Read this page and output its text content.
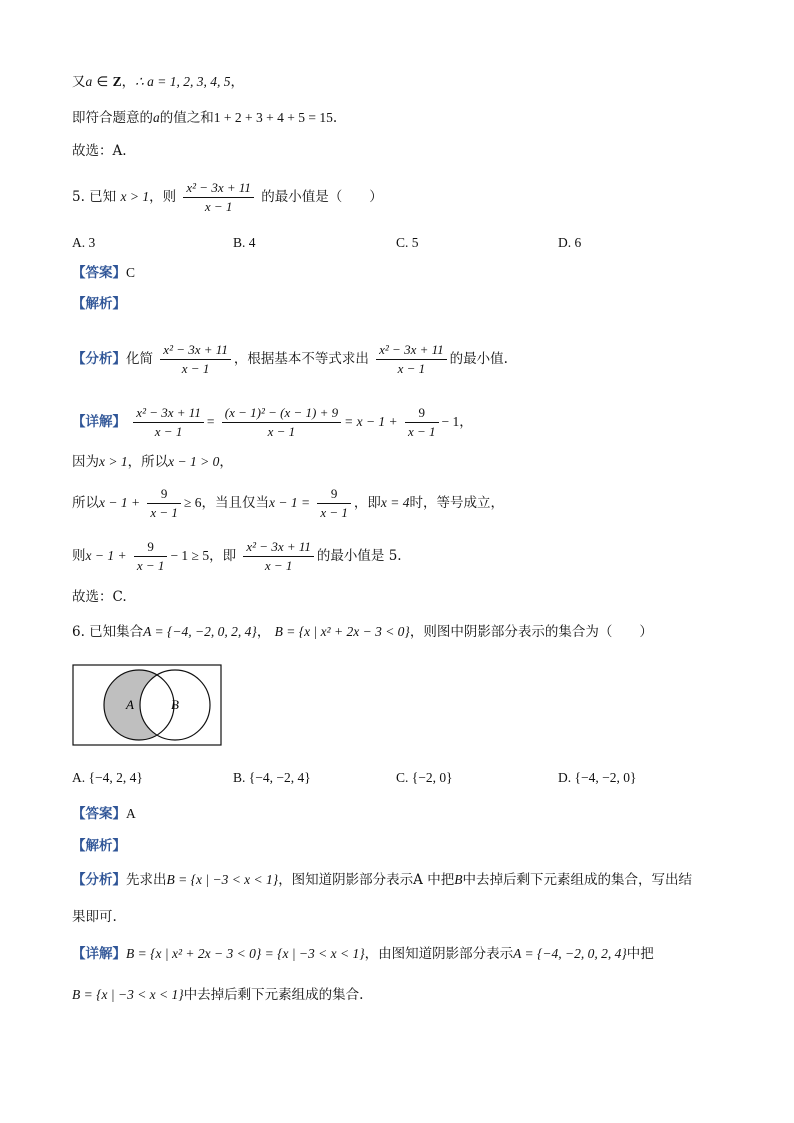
又a ∈ Z，∴ a = 1, 2, 3, 4, 5，
即符合题意的a的值之和1 + 2 + 3 + 4 + 5 = 15.
故选：A.
5. 已知 x > 1，则 $\frac{\text{x² − 3x + 11}}{x - 1}$ 的最小值是（　　）
A. 3	B. 4	C. 5	D. 6
【答案】C
【解析】
【分析】化简 $\frac{\text{x² − 3x + 11}}{x - 1}$ ，根据基本不等式求出 $\frac{\text{x² − 3x + 11}}{x - 1}$ 的最小值.
【详解】 $\frac{\text{x² − 3x + 11}}{x - 1} = \frac{\text{(x − 1)² − (x − 1) + 9}}{x - 1} = x - 1 + \frac{9}{x - 1} - 1$，
因为x > 1，所以x − 1 > 0，
所以$x - 1 + \frac{9}{x - 1} \ge 6$，当且仅当$x - 1 = \frac{9}{x - 1}$ ，即x = 4时，等号成立，
则$x - 1 + \frac{9}{x - 1} - 1 \ge 5$，即 $\frac{\text{x² − 3x + 11}}{x - 1}$ 的最小值是 5.
故选：C.
6. 已知集合A = {−4, −2, 0, 2, 4}， B = {x | x² + 2x − 3 < 0}，则图中阴影部分表示的集合为（　　）
A	B
A. {−4, 2, 4}	B. {−4, −2, 4}	C. {−2, 0}	D. {−4, −2, 0}
【答案】A
【解析】
【分析】先求出B = {x | −3 < x < 1}，图知道阴影部分表示A 中把B中去掉后剩下元素组成的集合，写出结
果即可.
【详解】B = {x | x² + 2x − 3 < 0} = {x | −3 < x < 1}，由图知道阴影部分表示A = {−4, −2, 0, 2, 4}中把
B = {x | −3 < x < 1}中去掉后剩下元素组成的集合.
